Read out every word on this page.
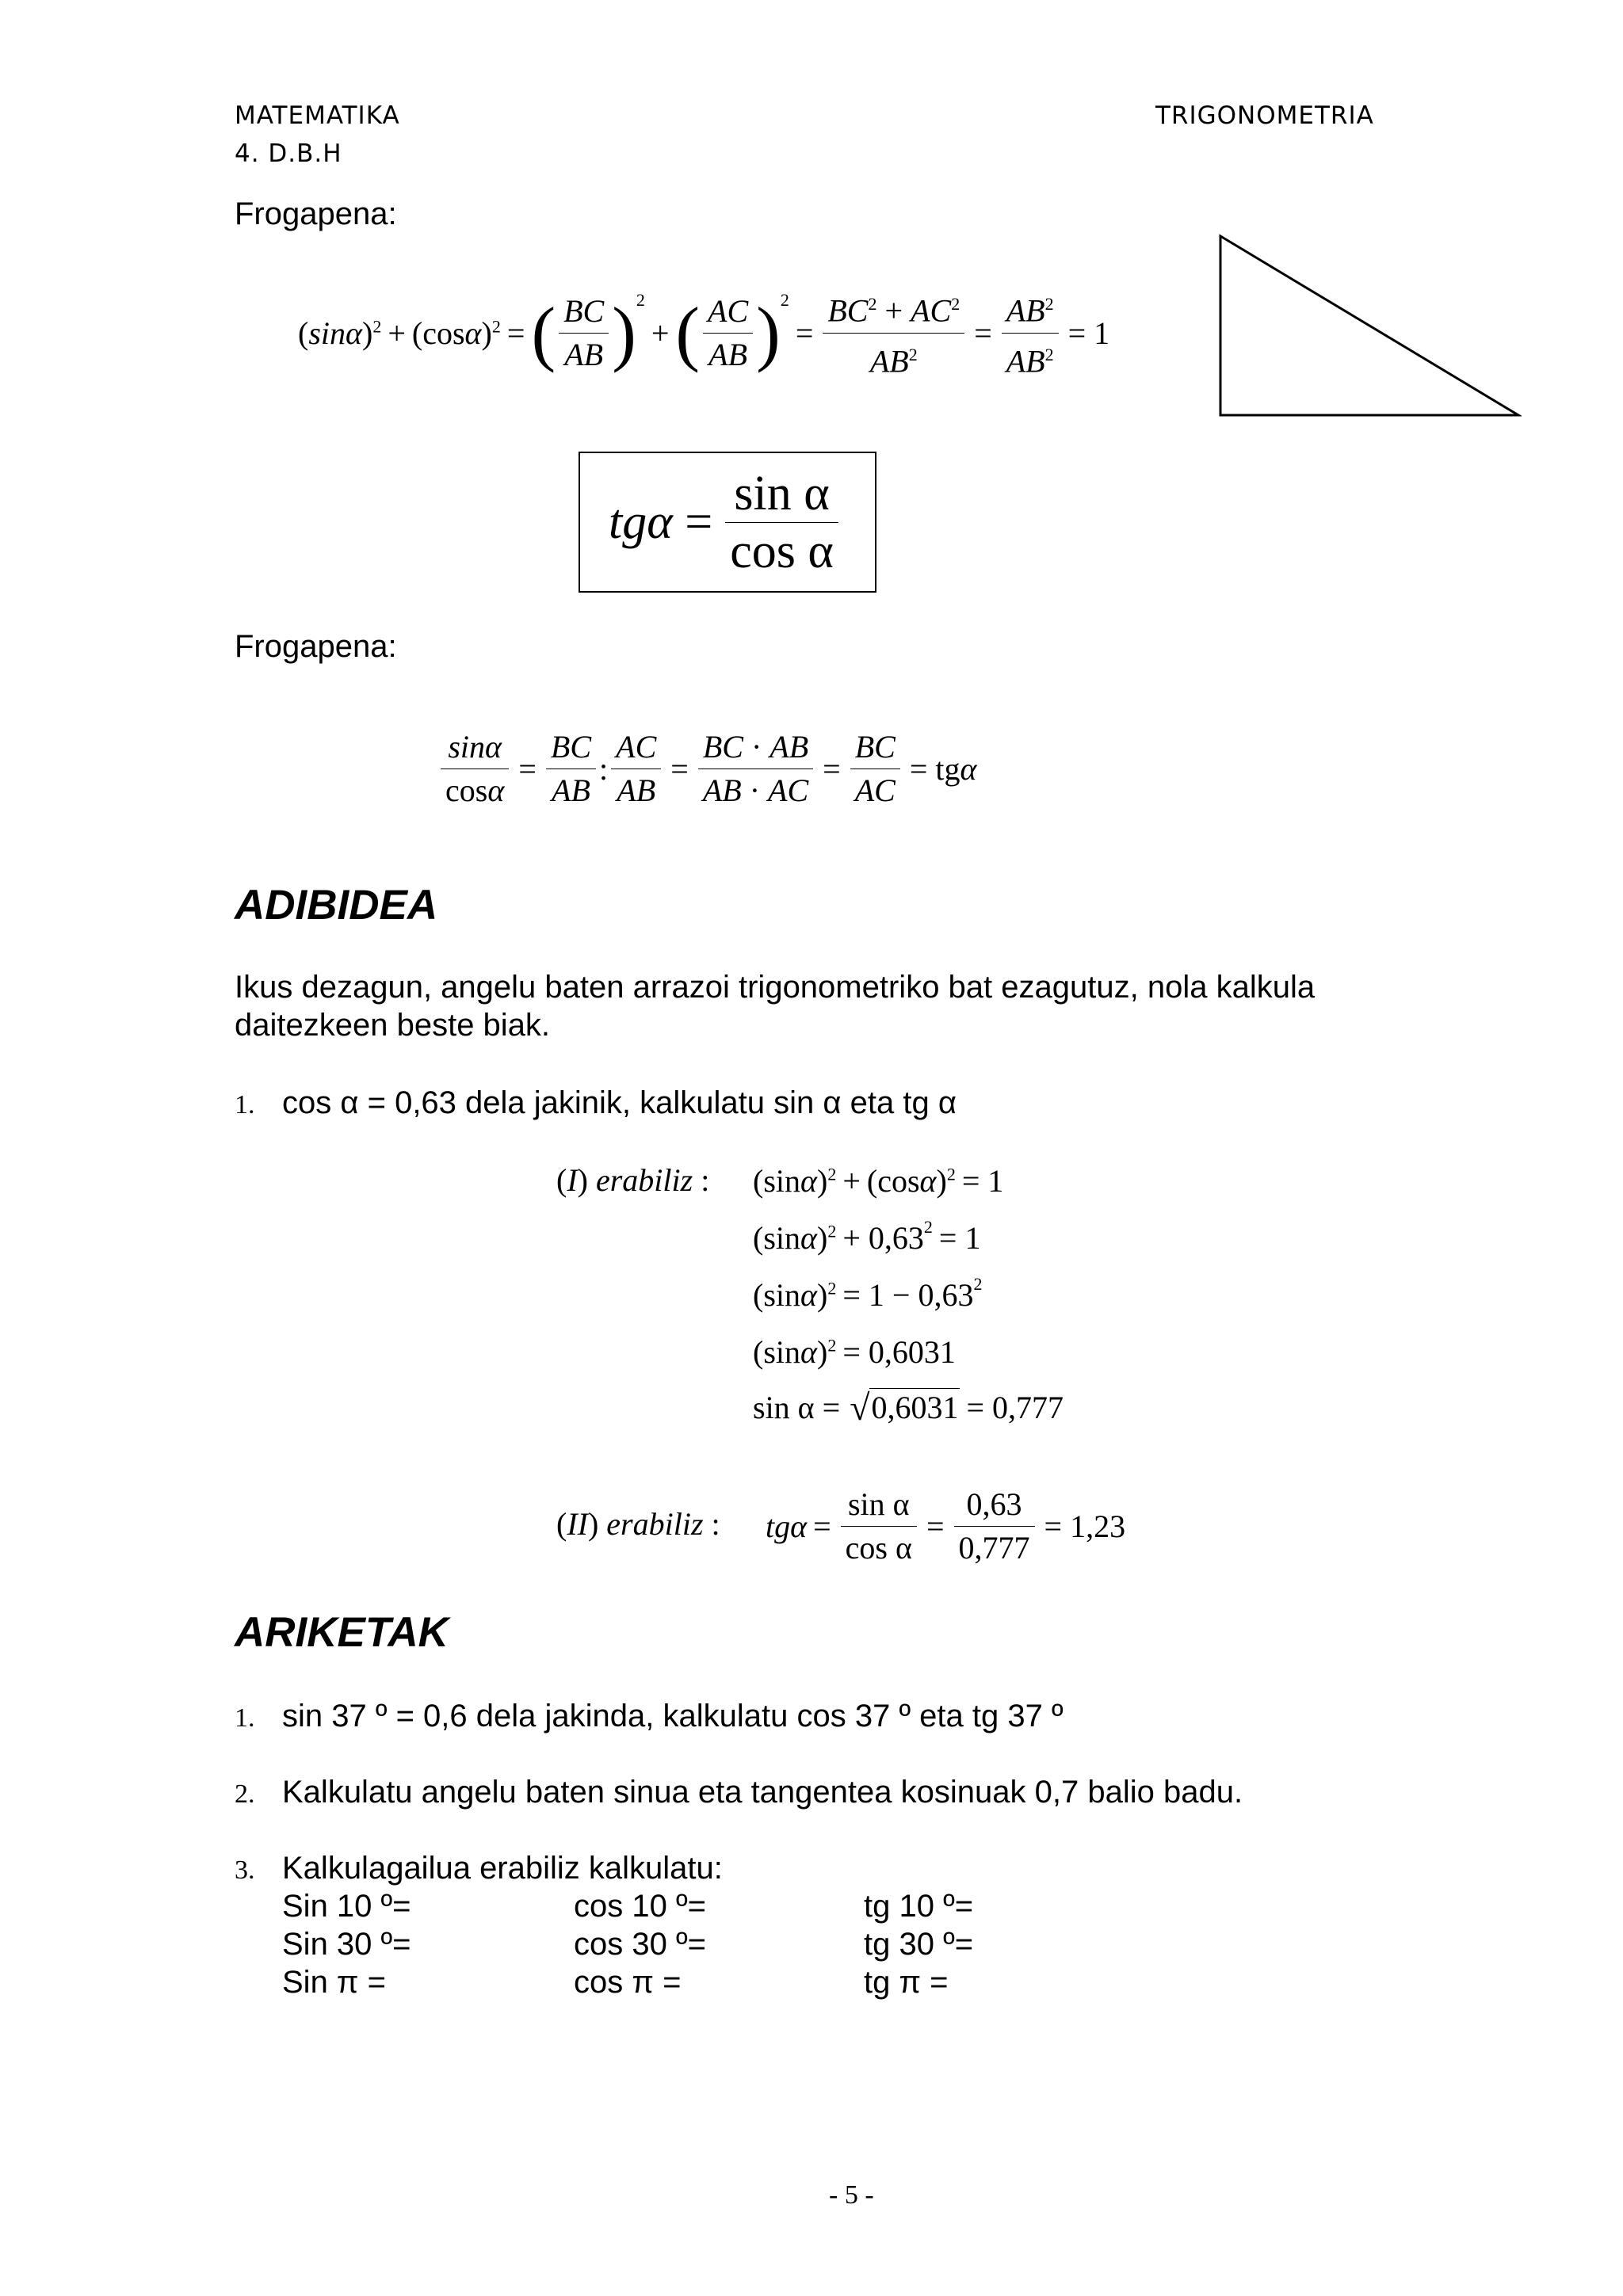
MATEMATIKA
4. D.B.H
TRIGONOMETRIA
Frogapena:
$(\sin\alpha)^2 + (\cos\alpha)^2$ = ( $\frac{BC}{AB} )^2$
+ ( $\frac{AC}{AB} )^2$
= $\frac{BC^2 + AC^2}{AB^2} = \frac{AB^2}{AB^2} = 1$
$tg\alpha = \frac{\text{sin α}}{\text{cos α}}$
Frogapena:
$\frac{\sin\alpha}{\cos\alpha} = \frac{BC}{AB}$ : $\frac{AC}{AB} = \frac{BC \cdot AB}{AB \cdot AC} = \frac{BC}{AC} = tg\alpha$
ADIBIDEA
Ikus dezagun, angelu baten arrazoi trigonometriko bat ezagutuz, nola kalkula daitezkeen beste biak.
1. cos α = 0,63 dela jakinik, kalkulatu sin α eta tg α
(I) erabiliz : $(\sin\alpha)^2 + (\cos\alpha)^2 = 1$
$(\sin\alpha)^2 + 0,63^2 = 1$
$(\sin\alpha)^2 = 1 - 0,63^2$
$(\sin\alpha)^2 = 0,6031$
sin α = √ 0,6031 = 0,777
(II) erabiliz : $tg\alpha = \frac{\text{sin α}}{\text{cos α}} = \frac{0,63}{0,777} = 1,23$
ARIKETAK
1. sin 37 º = 0,6 dela jakinda, kalkulatu cos 37 º eta tg 37 º
2. Kalkulatu angelu baten sinua eta tangentea kosinuak 0,7 balio badu.
3. Kalkulagailua erabiliz kalkulatu:
Sin 10 º=	cos 10 º=	tg 10 º=
Sin 30 º=	cos 30 º=	tg 30 º=
Sin π =	cos π =	tg π =
- 5 -
